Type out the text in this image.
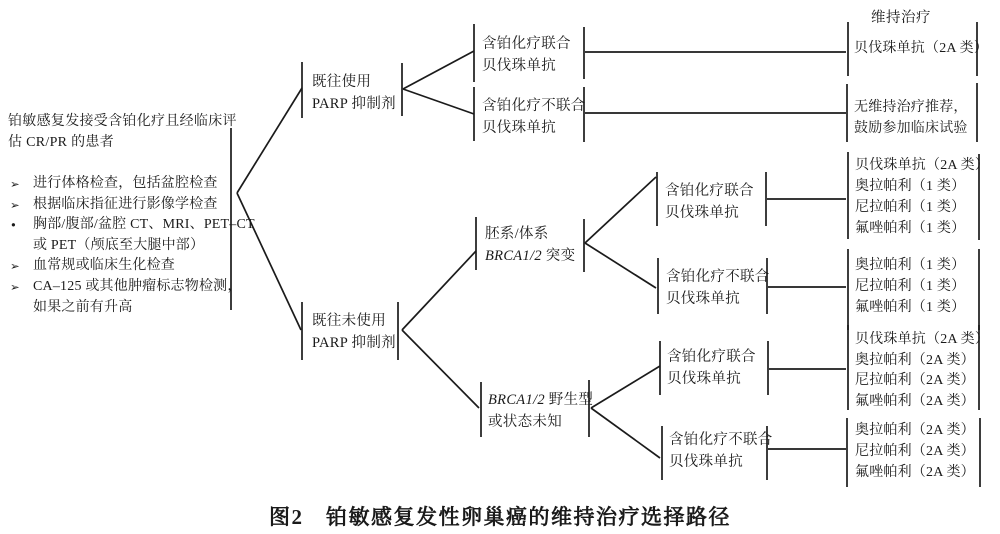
维持治疗
铂敏感复发接受含铂化疗且经临床评
估 CR/PR 的患者
➢ 进行体格检查，包括盆腔检查
➢ 根据临床指征进行影像学检查
• 胸部/腹部/盆腔 CT、MRI、PET–CT
或 PET（颅底至大腿中部）
➢ 血常规或临床生化检查
➢ CA–125 或其他肿瘤标志物检测，
如果之前有升高
既往使用
PARP 抑制剂
既往未使用
PARP 抑制剂
含铂化疗联合
贝伐珠单抗
含铂化疗不联合
贝伐珠单抗
胚系/体系
BRCA1/2 突变
BRCA1/2 野生型
或状态未知
含铂化疗联合
贝伐珠单抗
含铂化疗不联合
贝伐珠单抗
含铂化疗联合
贝伐珠单抗
含铂化疗不联合
贝伐珠单抗
贝伐珠单抗（2A 类）
无维持治疗推荐，
鼓励参加临床试验
贝伐珠单抗（2A 类）
奥拉帕利（1 类）
尼拉帕利（1 类）
氟唑帕利（1 类）
奥拉帕利（1 类）
尼拉帕利（1 类）
氟唑帕利（1 类）
贝伐珠单抗（2A 类）
奥拉帕利（2A 类）
尼拉帕利（2A 类）
氟唑帕利（2A 类）
奥拉帕利（2A 类）
尼拉帕利（2A 类）
氟唑帕利（2A 类）
图2　铂敏感复发性卵巢癌的维持治疗选择路径
